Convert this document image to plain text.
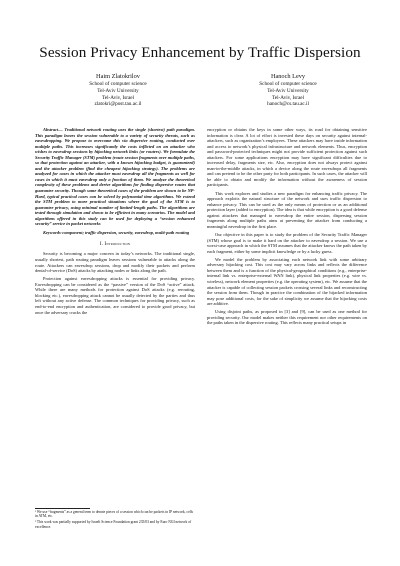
Session Privacy Enhancement by Traffic Dispersion
Haim Zlatokrilov
School of computer science
Tel-Aviv University
Tel-Aviv, Israel
zlatokri@post.tau.ac.il
Hanoch Levy
School of computer science
Tel-Aviv University
Tel-Aviv, Israel
hanoch@cs.tau.ac.il

Abstract— Traditional network routing uses the single (shortest) path paradigm. This paradigm leaves the session vulnerable to a variety of security threats, such as eavesdropping. We propose to overcome this via dispersive routing, conducted over multiple paths. This increases significantly the costs inflicted on an attacker who wishes to eavesdrop sessions by hijacking network links (or routers). We formulate the Security Traffic Manager (STM) problem (route session fragments over multiple paths, so that protection against an attacker, with a known hijacking budget, is guaranteed) and the attacker problem (find the cheapest hijacking strategy). The problems are analyzed for cases in which the attacker must eavesdrop all the fragments as well for cases in which it must eavesdrop only a fraction of them. We analyze the theoretical complexity of these problems and derive algorithms for finding dispersive routes that guarantee security. Though some theoretical cases of the problem are shown to be NP-Hard, typical practical cases can be solved by polynomial time algorithms. We extend the STM problem to more practical situations where the goal of the STM is to guarantee privacy, using minimal number of limited-length paths. The algorithms are tested through simulation and shown to be efficient in many scenarios. The model and algorithms offered in this study can be used for deploying a “session enhanced security” service in packet networks

Keywords-component; traffic dispersion, security, eavesdrop, multi-path routing

I. Introduction

Security is becoming a major concern in today’s networks. The traditional single, usually shortest, path routing paradigm leaves sessions vulnerable to attacks along the route. Attackers can eavesdrop sessions, drop and modify their packets and perform denial-of-service (DoS) attacks by attacking nodes or links along the path.

Protection against eavesdropping attacks is essential for providing privacy. Eavesdropping can be considered as the “passive” version of the DoS “active” attack. While there are many methods for protection against DoS attacks (e.g. rerouting, blocking etc.), eavesdropping attack cannot be usually detected by the parties and thus left without any active defense. The common techniques for providing privacy, such as end-to-end encryption and authentication, are considered to provide good privacy, but once the adversary cracks the

¹ We use “fragments” as a general term to denote pieces of a session which can be packets in IP network, cells in ATM, etc.

² This work was partially supported by Israeli Science Foundation grant 235/03 and by Euro NGI network of excellence.

encryption or obtains the keys in some other ways, its road for obtaining sensitive information is clear. A lot of effort is invested these days on security against internal-attackers, such as organization’s employees. These attackers may have inside information and access to network’s physical infrastructure and network elements. Thus, encryption and password-protected techniques might not provide sufficient protection against such attackers. For some applications encryption may have significant difficulties due to increased delay, fragments size, etc. Also, encryption does not always protect against man-in-the-middle attacks, in which a device along the route eavesdrops all fragments and can pretend to be the other party for both participants. In such cases, the attacker will be able to obtain and modify the information without the awareness of session participants.

This work explores and studies a new paradigm for enhancing traffic privacy. The approach exploits the natural structure of the network and uses traffic dispersion to enhance privacy. This can be used as the only means of protection or as an additional protection layer (added to encryption). The idea is that while encryption is a good defense against attackers that managed to eavesdrop the entire session, dispersing session fragments along multiple paths aims at preventing the attacker from conducting a meaningful eavesdrop in the first place.

Our objective in this paper is to study the problem of the Security Traffic Manager (STM) whose goal is to make it hard on the attacker to eavesdrop a session. We use a worst-case approach in which the STM assumes that the attacker knows the path taken by each fragment, either by some implicit knowledge or by a lucky guess.

We model the problem by associating each network link with some arbitrary adversary hijacking cost. This cost may vary across links and reflects the difference between them and is a function of the physical-geographical conditions (e.g., enterprise-internal link vs. enterprise-external WAN link), physical link properties (e.g. wire vs. wireless), network element properties (e.g. the operating system), etc. We assume that the attacker is capable of collecting session packets crossing several links and reconstructing the session from them. Though in practice the combination of the hijacked information may pose additional costs, for the sake of simplicity we assume that the hijacking costs are additive.

Using disjoint paths, as proposed in [3] and [9], can be used as one method for providing security. Our model makes neither this requirement nor other requirements on the paths taken in the dispersive routing. This reflects many practical setups in
